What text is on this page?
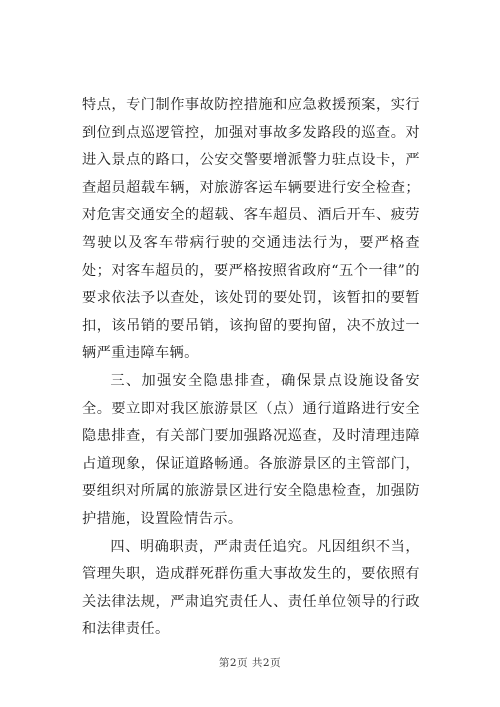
特点，专门制作事故防控措施和应急救援预案，实行到位到点巡逻管控，加强对事故多发路段的巡查。对进入景点的路口，公安交警要增派警力驻点设卡，严查超员超载车辆，对旅游客运车辆要进行安全检查；对危害交通安全的超载、客车超员、酒后开车、疲劳驾驶以及客车带病行驶的交通违法行为，要严格查处；对客车超员的，要严格按照省政府“五个一律”的要求依法予以查处，该处罚的要处罚，该暂扣的要暂扣，该吊销的要吊销，该拘留的要拘留，决不放过一辆严重违障车辆。

三、加强安全隐患排查，确保景点设施设备安全。要立即对我区旅游景区（点）通行道路进行安全隐患排查，有关部门要加强路况巡查，及时清理违障占道现象，保证道路畅通。各旅游景区的主管部门，要组织对所属的旅游景区进行安全隐患检查，加强防护措施，设置险情告示。

四、明确职责，严肃责任追究。凡因组织不当，管理失职，造成群死群伤重大事故发生的，要依照有关法律法规，严肃追究责任人、责任单位领导的行政和法律责任。

第2页 共2页
